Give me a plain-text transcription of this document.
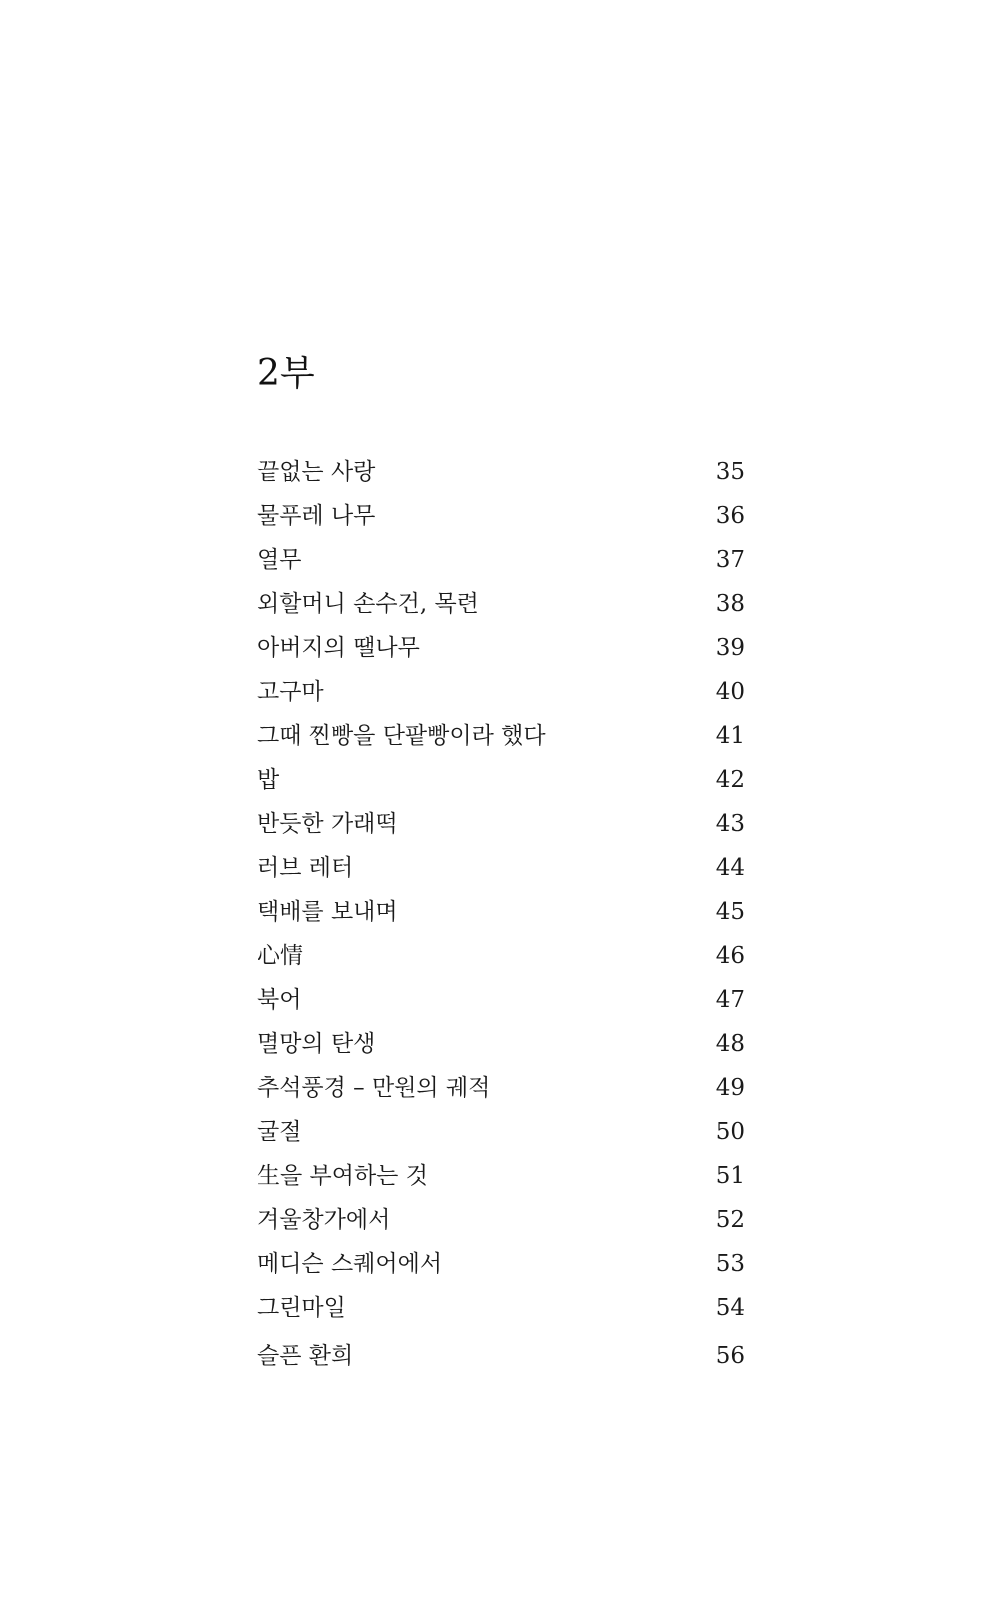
2부
끝없는 사랑	35
물푸레 나무	36
열무	37
외할머니 손수건, 목련	38
아버지의 땔나무	39
고구마	40
그때 찐빵을 단팥빵이라 했다	41
밥	42
반듯한 가래떡	43
러브 레터	44
택배를 보내며	45
心情	46
북어	47
멸망의 탄생	48
추석풍경 – 만원의 궤적	49
굴절	50
生을 부여하는 것	51
겨울창가에서	52
메디슨 스퀘어에서	53
그린마일	54
슬픈 환희	56
